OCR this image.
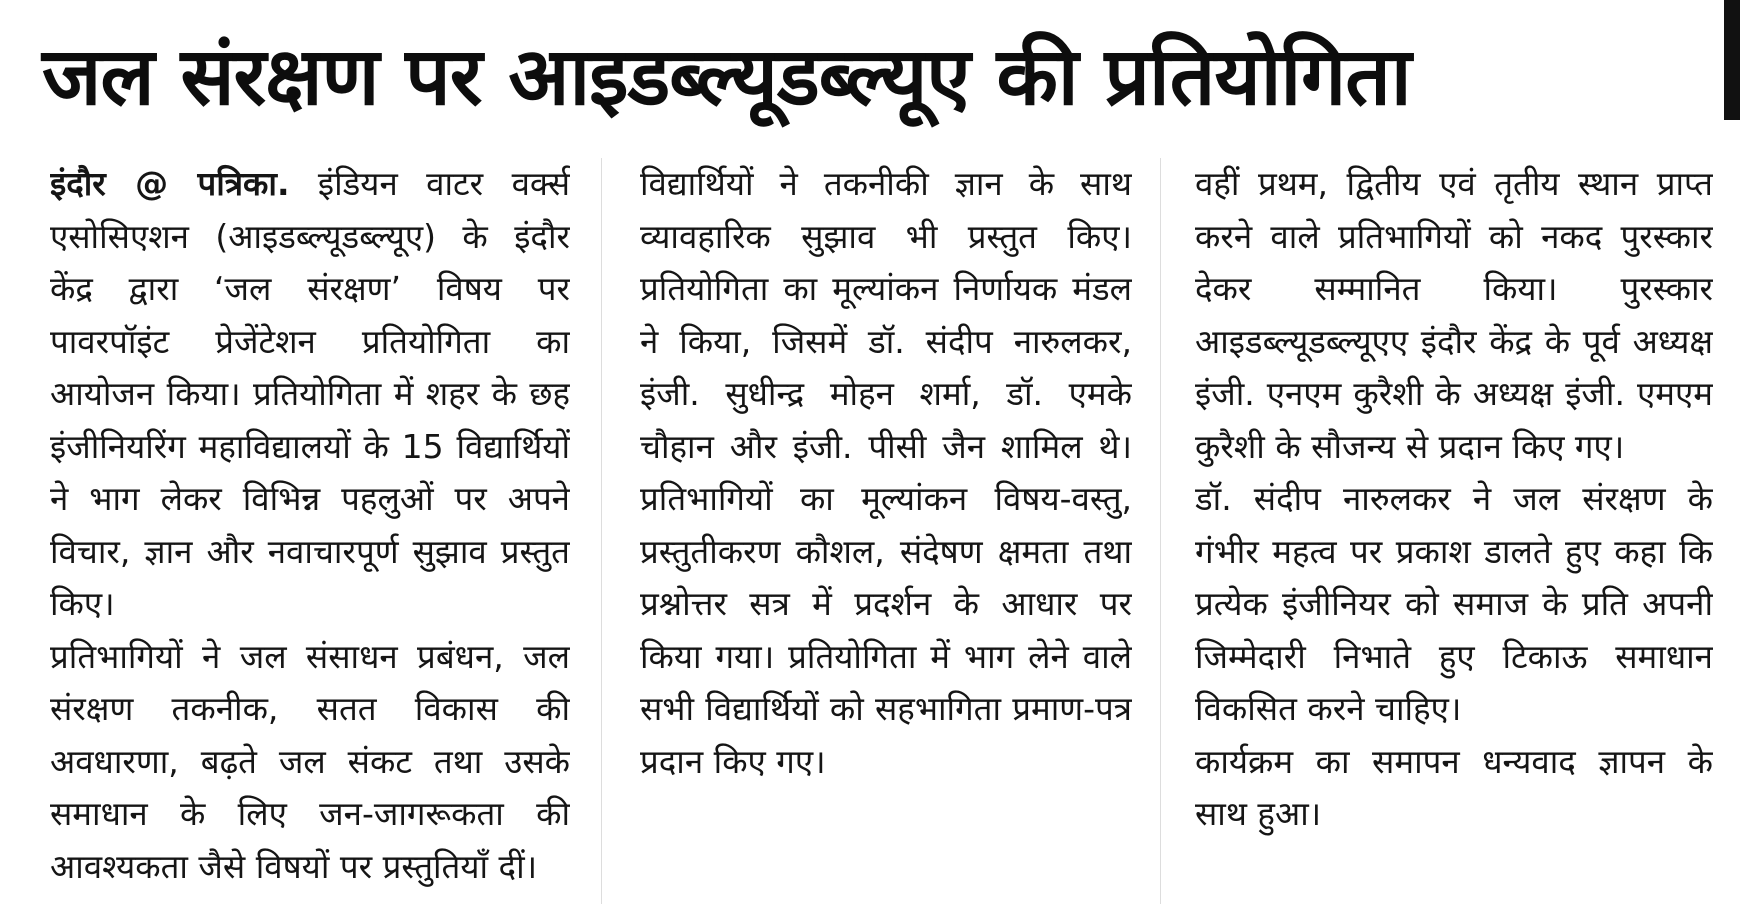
जल संरक्षण पर आइडब्ल्यूडब्ल्यूए की प्रतियोगिता

इंदौर @ पत्रिका. इंडियन वाटर वर्क्स एसोसिएशन (आइडब्ल्यूडब्ल्यूए) के इंदौर केंद्र द्वारा ‘जल संरक्षण’ विषय पर पावरपॉइंट प्रेजेंटेशन प्रतियोगिता का आयोजन किया। प्रतियोगिता में शहर के छह इंजीनियरिंग महाविद्यालयों के 15 विद्यार्थियों ने भाग लेकर विभिन्न पहलुओं पर अपने विचार, ज्ञान और नवाचारपूर्ण सुझाव प्रस्तुत किए।

प्रतिभागियों ने जल संसाधन प्रबंधन, जल संरक्षण तकनीक, सतत विकास की अवधारणा, बढ़ते जल संकट तथा उसके समाधान के लिए जन-जागरूकता की आवश्यकता जैसे विषयों पर प्रस्तुतियाँ दीं।

विद्यार्थियों ने तकनीकी ज्ञान के साथ व्यावहारिक सुझाव भी प्रस्तुत किए। प्रतियोगिता का मूल्यांकन निर्णायक मंडल ने किया, जिसमें डॉ. संदीप नारुलकर, इंजी. सुधीन्द्र मोहन शर्मा, डॉ. एमके चौहान और इंजी. पीसी जैन शामिल थे। प्रतिभागियों का मूल्यांकन विषय-वस्तु, प्रस्तुतीकरण कौशल, संदेषण क्षमता तथा प्रश्नोत्तर सत्र में प्रदर्शन के आधार पर किया गया। प्रतियोगिता में भाग लेने वाले सभी विद्यार्थियों को सहभागिता प्रमाण-पत्र प्रदान किए गए।

वहीं प्रथम, द्वितीय एवं तृतीय स्थान प्राप्त करने वाले प्रतिभागियों को नकद पुरस्कार देकर सम्मानित किया। पुरस्कार आइडब्ल्यूडब्ल्यूएए इंदौर केंद्र के पूर्व अध्यक्ष इंजी. एनएम कुरैशी के अध्यक्ष इंजी. एमएम कुरैशी के सौजन्य से प्रदान किए गए।

डॉ. संदीप नारुलकर ने जल संरक्षण के गंभीर महत्व पर प्रकाश डालते हुए कहा कि प्रत्येक इंजीनियर को समाज के प्रति अपनी जिम्मेदारी निभाते हुए टिकाऊ समाधान विकसित करने चाहिए।

कार्यक्रम का समापन धन्यवाद ज्ञापन के साथ हुआ।
